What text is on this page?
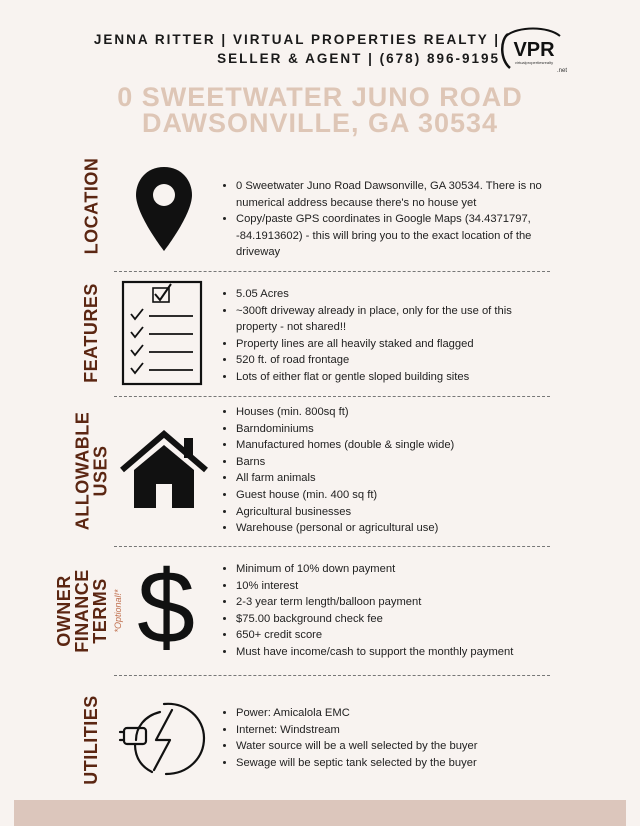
JENNA RITTER | VIRTUAL PROPERTIES REALTY |
SELLER & AGENT | (678) 896-9195 VPR
virtualpropertiesrealty
.net
0 SWEETWATER JUNO ROAD
DAWSONVILLE, GA 30534
LOCATION	• 0 Sweetwater Juno Road Dawsonville, GA 30534. There is no numerical address because there's no house yet
• Copy/paste GPS coordinates in Google Maps (34.4371797, -84.1913602) - this will bring you to the exact location of the driveway
FEATURES	• 5.05 Acres
• ~300ft driveway already in place, only for the use of this property - not shared!!
• Property lines are all heavily staked and flagged
• 520 ft. of road frontage
• Lots of either flat or gentle sloped building sites
ALLOWABLE
USES
• Houses (min. 800sq ft)
• Barndominiums
• Manufactured homes (double & single wide)
• Barns
• All farm animals
• Guest house (min. 400 sq ft)
• Agricultural businesses
• Warehouse (personal or agricultural use)
OWNER
FINANCE
TERMS *Optional!* $	• Minimum of 10% down payment
• 10% interest
• 2-3 year term length/balloon payment
• $75.00 background check fee
• 650+ credit score
• Must have income/cash to support the monthly payment
UTILITIES	• Power: Amicalola EMC
• Internet: Windstream
• Water source will be a well selected by the buyer
• Sewage will be septic tank selected by the buyer
